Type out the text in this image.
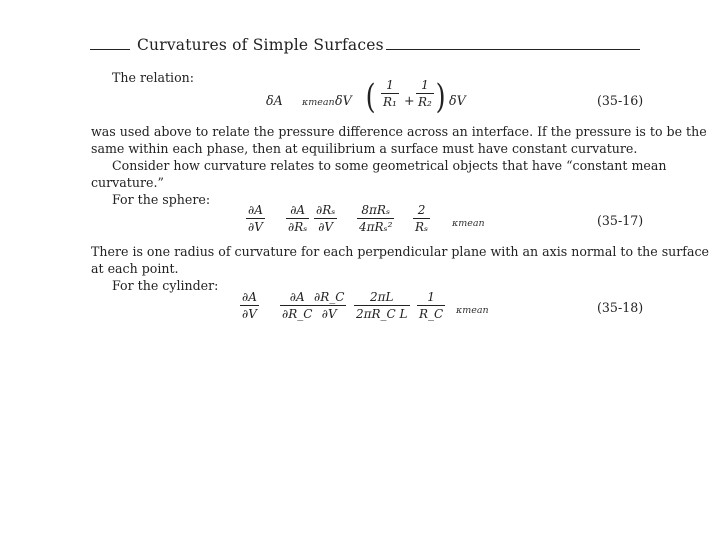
Curvatures of Simple Surfaces
The relation:
δA κmean δV ( 1
R₁ +
1
R₂ ) δV	(35-16)
was used above to relate the pressure difference across an interface. If the pressure is to be the
same within each phase, then at equilibrium a surface must have constant curvature.
Consider how curvature relates to some geometrical objects that have “constant mean
curvature.”
For the sphere:
∂A
∂V
∂A
∂Rₛ
∂Rₛ
∂V
8πRₛ
4πRₛ²
2
Rₛ	κmean	(35-17)
There is one radius of curvature for each perpendicular plane with an axis normal to the surface
at each point.
For the cylinder:
∂A
∂V
∂A
∂R_C
∂R_C
∂V
2πL
2πR_C L
1
R_C κmean	(35-18)
